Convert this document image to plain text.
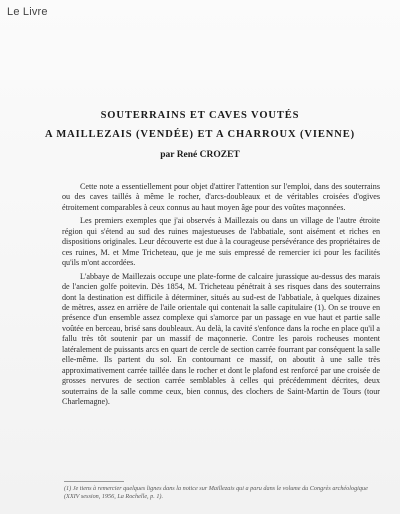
Le Livre
SOUTERRAINS ET CAVES VOUTÉS
A MAILLEZAIS (VENDÉE) ET A CHARROUX (VIENNE)
par René CROZET

Cette note a essentiellement pour objet d'attirer l'attention sur l'emploi, dans des souterrains ou des caves taillés à même le rocher, d'arcs-doubleaux et de véritables croisées d'ogives étroitement comparables à ceux connus au haut moyen âge pour des voûtes maçonnées.

Les premiers exemples que j'ai observés à Maillezais ou dans un village de l'autre étroite région qui s'étend au sud des ruines majestueuses de l'abbatiale, sont aisément et riches en dispositions originales. Leur découverte est due à la courageuse persévérance des propriétaires de ces ruines, M. et Mme Tricheteau, que je me suis empressé de remercier ici pour les facilités qu'ils m'ont accordées.

L'abbaye de Maillezais occupe une plate-forme de calcaire jurassique au-dessus des marais de l'ancien golfe poitevin. Dès 1854, M. Tricheteau pénétrait à ses risques dans des souterrains dont la destination est difficile à déterminer, situés au sud-est de l'abbatiale, à quelques dizaines de mètres, assez en arrière de l'aile orientale qui contenait la salle capitulaire (1). On se trouve en présence d'un ensemble assez complexe qui s'amorce par un passage en vue haut et partie salle voûtée en berceau, brisé sans doubleaux. Au delà, la cavité s'enfonce dans la roche en place qu'il a fallu très tôt soutenir par un massif de maçonnerie. Contre les parois rocheuses montent latéralement de puissants arcs en quart de cercle de section carrée fourrant par conséquent la salle elle-même. Ils partent du sol. En contournant ce massif, on aboutit à une salle très approximativement carrée taillée dans le rocher et dont le plafond est renforcé par une croisée de grosses nervures de section carrée semblables à celles qui précédemment décrites, deux souterrains de la salle comme ceux, bien connus, des clochers de Saint-Martin de Tours (tour Charlemagne).

(1) Je tiens à remercier quelques lignes dans la notice sur Maillezais qui a paru dans le volume du Congrès archéologique (XXIV session, 1956, La Rochelle, p. 1).
